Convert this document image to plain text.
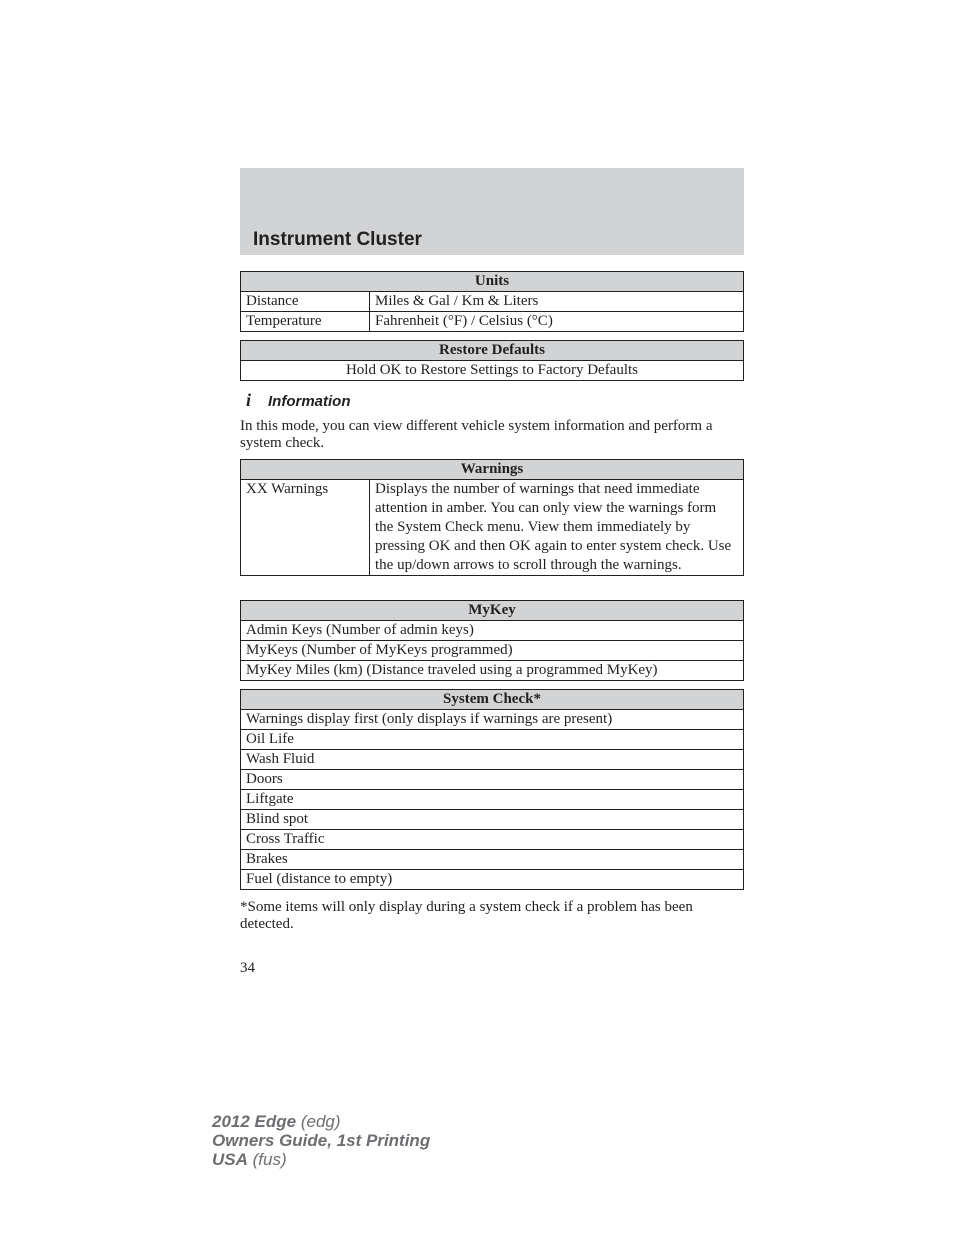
Instrument Cluster
Units	
Distance	Miles & Gal / Km & Liters
Temperature	Fahrenheit (°F) / Celsius (°C)
Restore Defaults
Hold OK to Restore Settings to Factory Defaults
i Information

In this mode, you can view different vehicle system information and perform a system check.

Warnings
XX Warnings	Displays the number of warnings that need immediate attention in amber. You can only view the warnings form the System Check menu. View them immediately by pressing OK and then OK again to enter system check. Use the up/down arrows to scroll through the warnings.
MyKey
Admin Keys (Number of admin keys)
MyKeys (Number of MyKeys programmed)
MyKey Miles (km) (Distance traveled using a programmed MyKey)
System Check*
Warnings display first (only displays if warnings are present)
Oil Life
Wash Fluid
Doors
Liftgate
Blind spot
Cross Traffic
Brakes
Fuel (distance to empty)

*Some items will only display during a system check if a problem has been detected.

34
2012 Edge (edg)
Owners Guide, 1st Printing
USA (fus)
